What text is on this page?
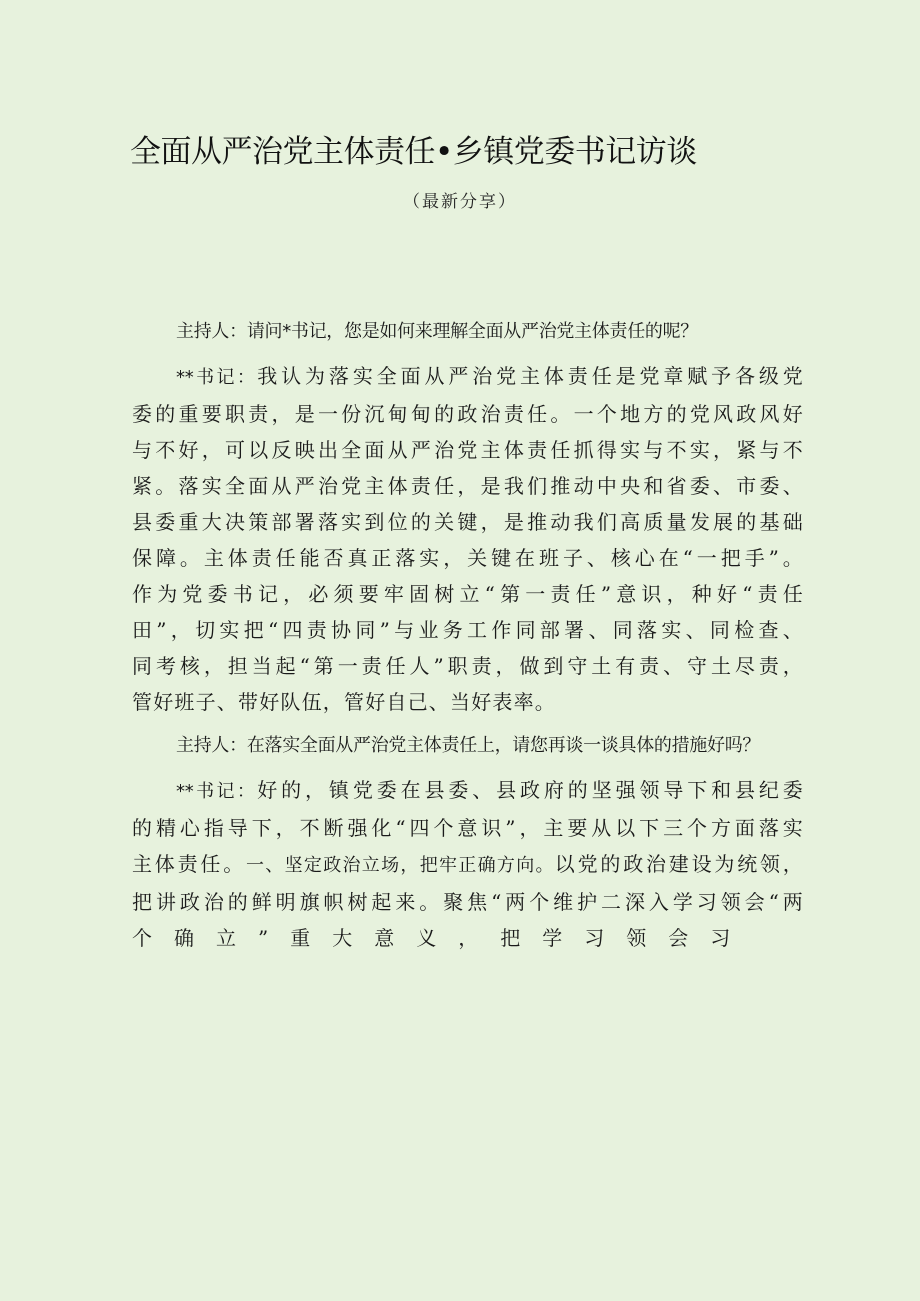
全面从严治党主体责任•乡镇党委书记访谈
（最新分享）
主持人：请问*书记，您是如何来理解全面从严治党主体责任的呢？
**书记：我认为落实全面从严治党主体责任是党章赋予各级党
委的重要职责，是一份沉甸甸的政治责任。一个地方的党风政风好
与不好，可以反映出全面从严治党主体责任抓得实与不实，紧与不
紧。落实全面从严治党主体责任，是我们推动中央和省委、市委、
县委重大决策部署落实到位的关键，是推动我们高质量发展的基础
保障。主体责任能否真正落实，关键在班子、核心在“一把手”。
作为党委书记，必须要牢固树立“第一责任”意识，种好“责任
田”，切实把“四责协同”与业务工作同部署、同落实、同检查、
同考核，担当起“第一责任人”职责，做到守土有责、守土尽责，
管好班子、带好队伍，管好自己、当好表率。
主持人：在落实全面从严治党主体责任上，请您再谈一谈具体的措施好吗？
**书记：好的，镇党委在县委、县政府的坚强领导下和县纪委
的精心指导下，不断强化“四个意识”，主要从以下三个方面落实
主体责任。一、坚定政治立场，把牢正确方向。以党的政治建设为统领，
把讲政治的鲜明旗帜树起来。聚焦“两个维护二深入学习领会“两
个确立”重大意义，把学习领会习
